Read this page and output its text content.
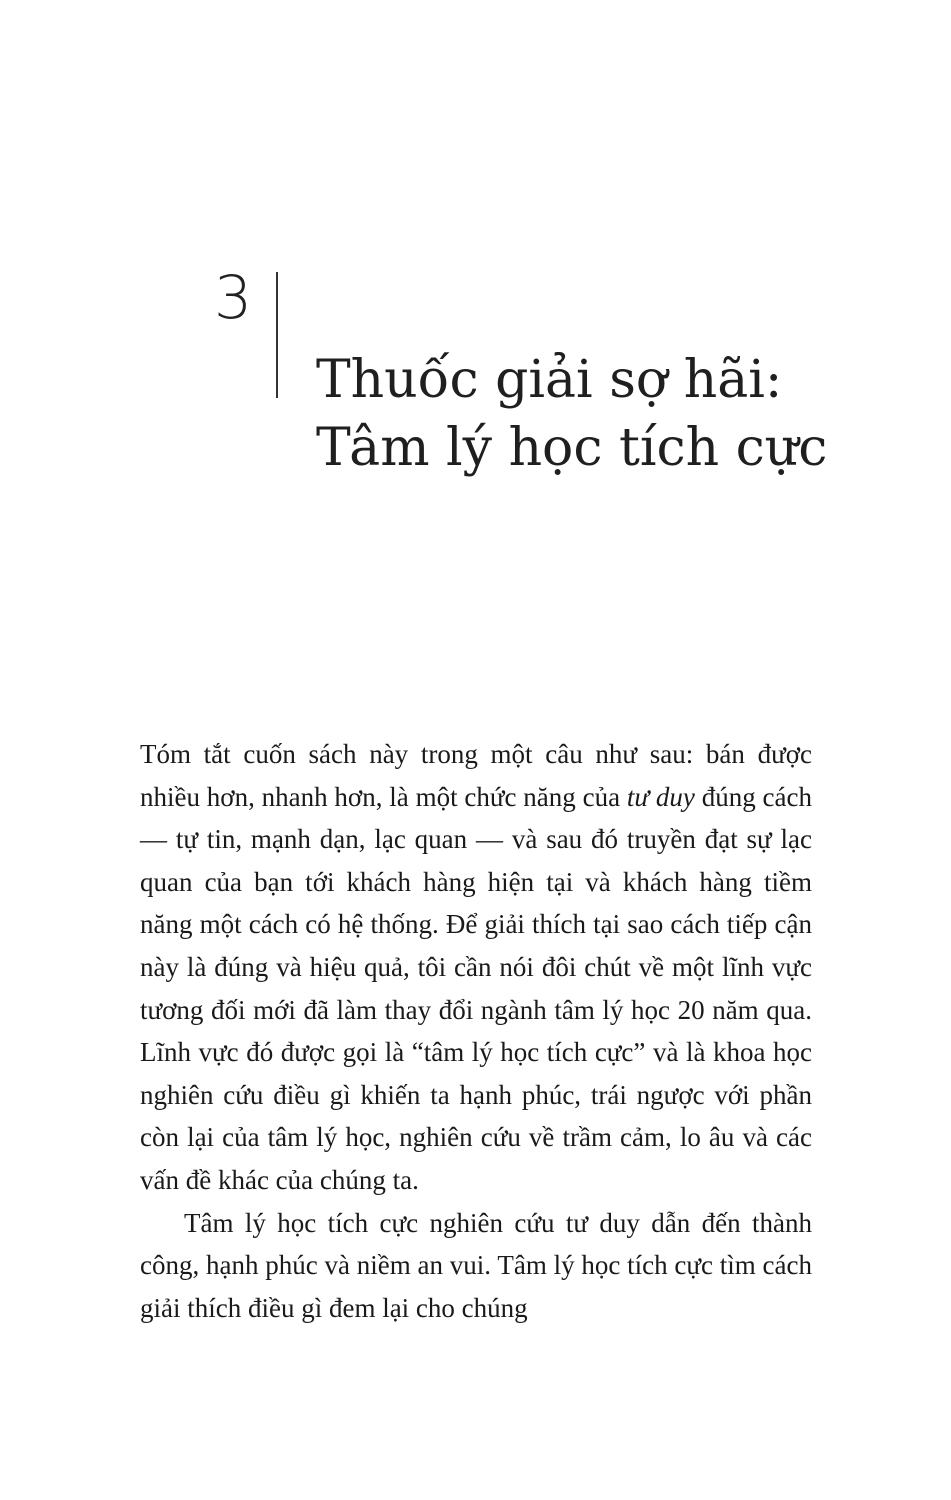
3
Thuốc giải sợ hãi:
Tâm lý học tích cực

Tóm tắt cuốn sách này trong một câu như sau: bán được nhiều hơn, nhanh hơn, là một chức năng của tư duy đúng cách — tự tin, mạnh dạn, lạc quan — và sau đó truyền đạt sự lạc quan của bạn tới khách hàng hiện tại và khách hàng tiềm năng một cách có hệ thống. Để giải thích tại sao cách tiếp cận này là đúng và hiệu quả, tôi cần nói đôi chút về một lĩnh vực tương đối mới đã làm thay đổi ngành tâm lý học 20 năm qua. Lĩnh vực đó được gọi là “tâm lý học tích cực” và là khoa học nghiên cứu điều gì khiến ta hạnh phúc, trái ngược với phần còn lại của tâm lý học, nghiên cứu về trầm cảm, lo âu và các vấn đề khác của chúng ta.

Tâm lý học tích cực nghiên cứu tư duy dẫn đến thành công, hạnh phúc và niềm an vui. Tâm lý học tích cực tìm cách giải thích điều gì đem lại cho chúng
